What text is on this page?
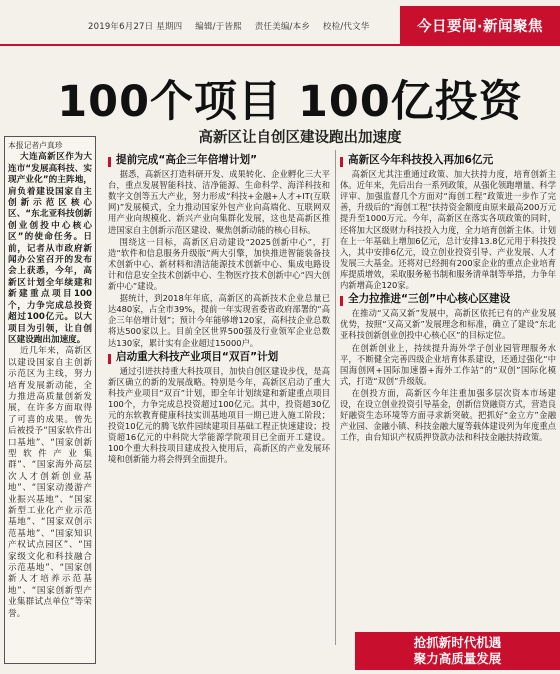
2019年6月27日 星期四 编辑/于皆熙 责任美编/本乡 校检/代文华	今日要闻·新闻聚焦
100个项目 100亿投资
高新区让自创区建设跑出加速度
本报记者卢真珍

大连高新区作为大连市“发展高科技、实现产业化”的主阵地，肩负着建设国家自主创新示范区核心区、“东北亚科技创新创业创投中心核心区”的使命任务。日前，记者从市政府新闻办公室召开的发布会上获悉，今年，高新区计划全年续建和新建重点项目100个，力争完成总投资超过100亿元。以大项目为引领，让自创区建设跑出加速度。

近几年来，高新区以建设国家自主创新示范区为主线，努力培育发展新动能，全力推进高质量创新发展，在许多方面取得了可喜的成果。曾先后被授予“国家软件出口基地”、“国家创新型软件产业集群”、“国家海外高层次人才创新创业基地”、“国家动漫游产业振兴基地”、“国家新型工业化产业示范基地”、“国家双创示范基地”、“国家知识产权试点园区”、“国家级文化和科技融合示范基地”、“国家创新人才培养示范基地”、“国家创新型产业集群试点单位”等荣誉。

提前完成“高企三年倍增计划”

据悉，高新区打造科研开发、成果转化、企业孵化三大平台，重点发展智能科技、洁净能源、生命科学、海洋科技和数字文创等五大产业，努力形成“科技+金融+人才+IT(互联网)”发展模式，全力推动国家外包产业向高端化、互联网双用产业向规模化、新兴产业向集群化发展，这也是高新区推进国家自主创新示范区建设、聚焦创新动能的核心目标。

围绕这一目标，高新区启动建设“2025创新中心”，打造“软件和信息服务升级版”两大引擎，加快推进智能装备技术创新中心、新材料和清洁能源技术创新中心、集成电路设计和信息安全技术创新中心、生物医疗技术创新中心“四大创新中心”建设。

据统计，到2018年年底，高新区的高新技术企业总量已达480家，占全市39%，提前一年实现省委省政府部署的“高企三年倍增计划”；预计今年能够增120家，高科技企业总数将达500家以上。目前全区世界500强及行业领军企业总数达130家，累计实有企业超过15000户。

启动重大科技产业项目“双百”计划

通过引进扶持重大科技项目，加快自创区建设步伐，是高新区确立的新的发展战略。特别是今年，高新区启动了重大科技产业项目“双百”计划，即全年计划续建和新建重点项目100个，力争完成总投资超过100亿元。其中，投资超30亿元的东软教育健康科技实训基地项目一期已进入施工阶段；投资10亿元的腾飞软件园续建项目基础工程正快速建设；投资超16亿元的中科院大学能源学院项目已全面开工建设。100个重大科技项目建成投入使用后，高新区的产业发展环境和创新能力将会得到全面提升。

高新区今年科技投入再加6亿元

高新区尤其注重通过政策、加大扶持力度，培育创新主体。近年来，先后出台一系列政策，从强化领跑增量、科学评审、加强监督几个方面对“海创工程”政策进一步作了完善，升级后的“海创工程”扶持资金额度由原来最高200万元提升至1000万元。今年，高新区在落实各项政策的同时，还将加大区级财力科技投入力度，全力培育创新主体。计划在上一年基础上增加6亿元，总计安排13.8亿元用于科技投入，其中安排6亿元，设立创业投资引导、产业发展、人才发展三大基金。还将对已经拥有200家企业的重点企业培育库提质增效，采取服务秘书制和服务清单制等举措，力争年内新增高企120家。

全力拉推进“三创”中心核心区建设

在推动“又高又新”发展中，高新区依托已有的产业发展优势，按照“又高又新”发展理念和标准，确立了建设“东北亚科技创新创业创投中心核心区”的目标定位。

在创新创业上，持续提升海外学子创业园管理服务水平，不断健全完善四级企业培育体系建设，还通过强化“中国海创网+国际加速器+海外工作站”的“双创”国际化模式，打造“双创”升级版。

在创投方面，高新区今年注重加强多层次资本市场建设，在设立创业投资引导基金，创新信贷融资方式，营造良好融资生态环境等方面寻求新突破。把抓好“金立方”金融产业园、金融小镇、科技金融大厦等载体建设列为年度重点工作，由台知识产权质押贷款办法和科技金融扶持政策。

抢抓新时代机遇
聚力高质量发展
